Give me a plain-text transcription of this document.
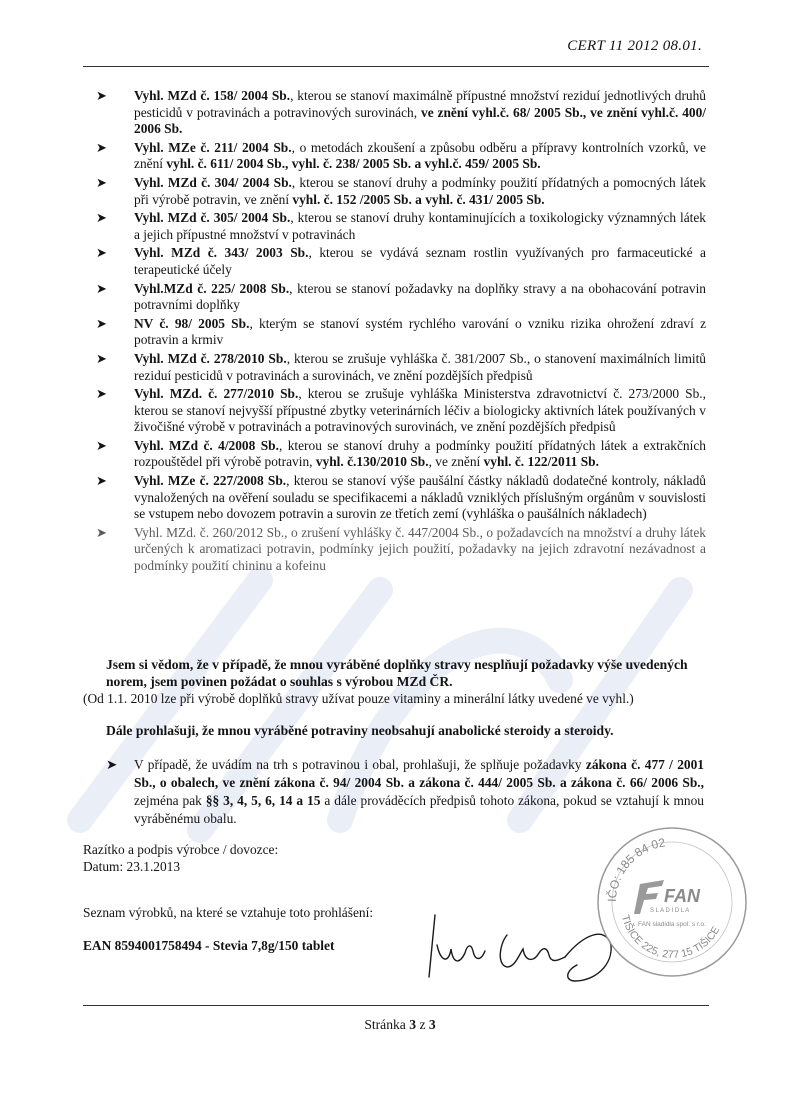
CERT 11 2012 08.01.
➤ Vyhl. MZd č. 158/ 2004 Sb., kterou se stanoví maximálně přípustné množství reziduí jednotlivých druhů pesticidů v potravinách a potravinových surovinách, ve znění vyhl.č. 68/ 2005 Sb., ve znění vyhl.č. 400/ 2006 Sb.
➤ Vyhl. MZe č. 211/ 2004 Sb., o metodách zkoušení a způsobu odběru a přípravy kontrolních vzorků, ve znění vyhl. č. 611/ 2004 Sb., vyhl. č. 238/ 2005 Sb. a vyhl.č. 459/ 2005 Sb.
➤ Vyhl. MZd č. 304/ 2004 Sb., kterou se stanoví druhy a podmínky použití přídatných a pomocných látek při výrobě potravin, ve znění vyhl. č. 152 /2005 Sb. a vyhl. č. 431/ 2005 Sb.
➤ Vyhl. MZd č. 305/ 2004 Sb., kterou se stanoví druhy kontaminujících a toxikologicky významných látek a jejich přípustné množství v potravinách
➤ Vyhl. MZd č. 343/ 2003 Sb., kterou se vydává seznam rostlin využívaných pro farmaceutické a terapeutické účely
➤ Vyhl.MZd č. 225/ 2008 Sb., kterou se stanoví požadavky na doplňky stravy a na obohacování potravin potravními doplňky
➤ NV č. 98/ 2005 Sb., kterým se stanoví systém rychlého varování o vzniku rizika ohrožení zdraví z potravin a krmiv
➤ Vyhl. MZd č. 278/2010 Sb., kterou se zrušuje vyhláška č. 381/2007 Sb., o stanovení maximálních limitů reziduí pesticidů v potravinách a surovinách, ve znění pozdějších předpisů
➤ Vyhl. MZd. č. 277/2010 Sb., kterou se zrušuje vyhláška Ministerstva zdravotnictví č. 273/2000 Sb., kterou se stanoví nejvyšší přípustné zbytky veterinárních léčiv a biologicky aktivních látek používaných v živočišné výrobě v potravinách a potravinových surovinách, ve znění pozdějších předpisů
➤ Vyhl. MZd č. 4/2008 Sb., kterou se stanoví druhy a podmínky použití přídatných látek a extrakčních rozpouštědel při výrobě potravin, vyhl. č.130/2010 Sb., ve znění vyhl. č. 122/2011 Sb.
➤ Vyhl. MZe č. 227/2008 Sb., kterou se stanoví výše paušální částky nákladů dodatečné kontroly, nákladů vynaložených na ověření souladu se specifikacemi a nákladů vzniklých příslušným orgánům v souvislosti se vstupem nebo dovozem potravin a surovin ze třetích zemí (vyhláška o paušálních nákladech)
➤ Vyhl. MZd. č. 260/2012 Sb., o zrušení vyhlášky č. 447/2004 Sb., o požadavcích na množství a druhy látek určených k aromatizaci potravin, podmínky jejich použití, požadavky na jejich zdravotní nezávadnost a podmínky použití chininu a kofeinu
Jsem si vědom, že v případě, že mnou vyráběné doplňky stravy nesplňují požadavky výše uvedených norem, jsem povinen požádat o souhlas s výrobou MZd ČR.
(Od 1.1. 2010 lze při výrobě doplňků stravy užívat pouze vitaminy a minerální látky uvedené ve vyhl.)
Dále prohlašuji, že mnou vyráběné potraviny neobsahují anabolické steroidy a steroidy.
➤ V případě, že uvádím na trh s potravinou i obal, prohlašuji, že splňuje požadavky zákona č. 477 / 2001 Sb., o obalech, ve znění zákona č. 94/ 2004 Sb. a zákona č. 444/ 2005 Sb. a zákona č. 66/ 2006 Sb., zejména pak §§ 3, 4, 5, 6, 14 a 15 a dále prováděcích předpisů tohoto zákona, pokud se vztahují k mnou vyráběnému obalu.
Razítko a podpis výrobce / dovozce:
Datum: 23.1.2013
Seznam výrobků, na které se vztahuje toto prohlášení:
EAN 8594001758494 - Stevia 7,8g/150 tablet
IČO: 185 84 02
TIŠICE 225, 277 15 TIŠICE
FAN
S L A D I D L A
FAN sladidla spol. s r.o.
Stránka 3 z 3
